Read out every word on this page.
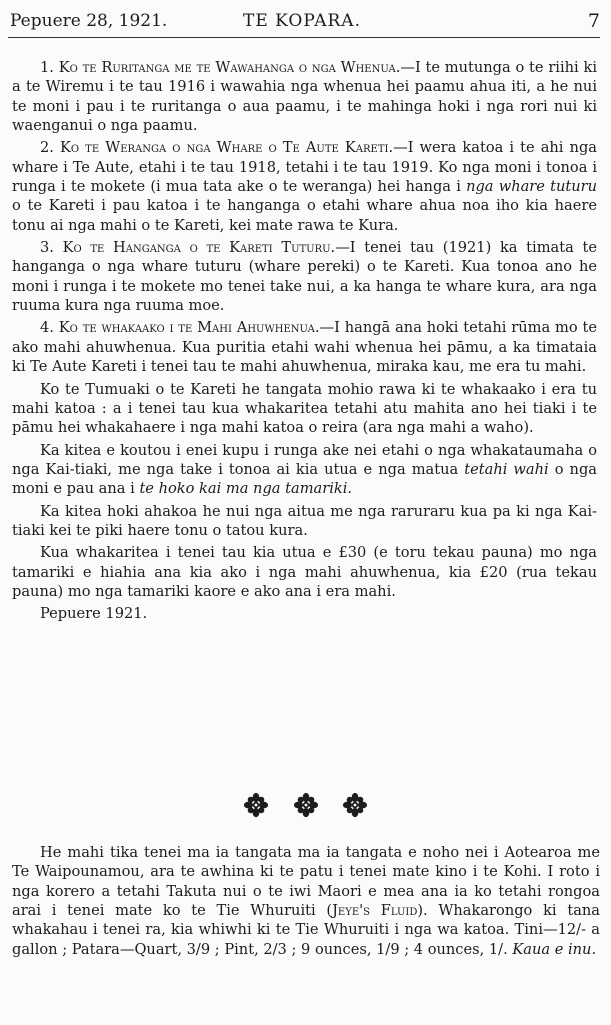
Pepuere 28, 1921.	TE KOPARA.	7

1. Ko te Ruritanga me te Wawahanga o nga Whenua.—I te mutunga o te riihi ki a te Wiremu i te tau 1916 i wawahia nga whenua hei paamu ahua iti, a he nui te moni i pau i te ruritanga o aua paamu, i te mahinga hoki i nga rori nui ki waenganui o nga paamu.

2. Ko te Weranga o nga Whare o Te Aute Kareti.—I wera katoa i te ahi nga whare i Te Aute, etahi i te tau 1918, tetahi i te tau 1919. Ko nga moni i tonoa i runga i te mokete (i mua tata ake o te weranga) hei hanga i nga whare tuturu o te Kareti i pau katoa i te hanganga o etahi whare ahua noa iho kia haere tonu ai nga mahi o te Kareti, kei mate rawa te Kura.

3. Ko te Hanganga o te Kareti Tuturu.—I tenei tau (1921) ka timata te hanganga o nga whare tuturu (whare pereki) o te Kareti. Kua tonoa ano he moni i runga i te mokete mo tenei take nui, a ka hanga te whare kura, ara nga ruuma kura nga ruuma moe.

4. Ko te whakaako i te Mahi Ahuwhenua.—I hangā ana hoki tetahi rūma mo te ako mahi ahuwhenua. Kua puritia etahi wahi whenua hei pāmu, a ka timataia ki Te Aute Kareti i tenei tau te mahi ahuwhenua, miraka kau, me era tu mahi.

Ko te Tumuaki o te Kareti he tangata mohio rawa ki te whakaako i era tu mahi katoa : a i tenei tau kua whakaritea tetahi atu mahita ano hei tiaki i te pāmu hei whakahaere i nga mahi katoa o reira (ara nga mahi a waho).

Ka kitea e koutou i enei kupu i runga ake nei etahi o nga whakataumaha o nga Kai-tiaki, me nga take i tonoa ai kia utua e nga matua tetahi wahi o nga moni e pau ana i te hoko kai ma nga tamariki.

Ka kitea hoki ahakoa he nui nga aitua me nga raruraru kua pa ki nga Kai-tiaki kei te piki haere tonu o tatou kura.

Kua whakaritea i tenei tau kia utua e £30 (e toru tekau pauna) mo nga tamariki e hiahia ana kia ako i nga mahi ahuwhenua, kia £20 (rua tekau pauna) mo nga tamariki kaore e ako ana i era mahi.

Pepuere 1921.

He mahi tika tenei ma ia tangata ma ia tangata e noho nei i Aotearoa me Te Waipounamou, ara te awhina ki te patu i tenei mate kino i te Kohi. I roto i nga korero a tetahi Takuta nui o te iwi Maori e mea ana ia ko tetahi rongoa arai i tenei mate ko te Tie Whuruiti (Jeye's Fluid). Whakarongo ki tana whakahau i tenei ra, kia whiwhi ki te Tie Whuruiti i nga wa katoa. Tini—12/- a gallon ; Patara—Quart, 3/9 ; Pint, 2/3 ; 9 ounces, 1/9 ; 4 ounces, 1/. Kaua e inu.
